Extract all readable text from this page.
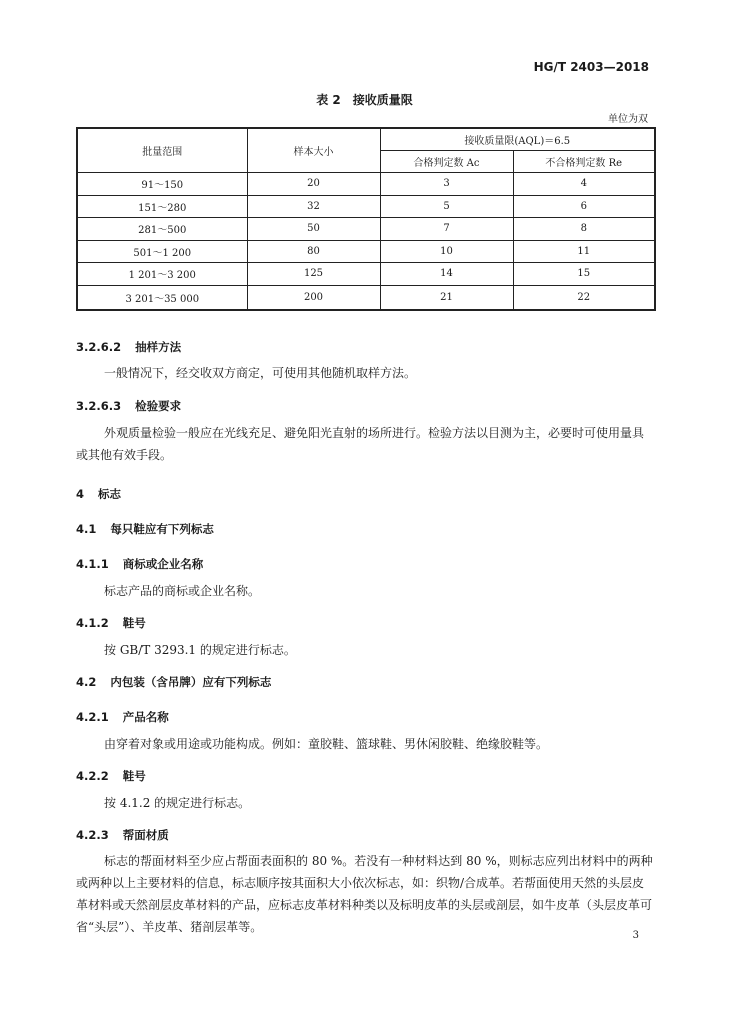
HG/T 2403—2018
表 2　接收质量限
单位为双
批量范围	样本大小	接收质量限(AQL)＝6.5	
		合格判定数 Ac	不合格判定数 Re
91～150	20	3	4
151～280	32	5	6
281～500	50	7	8
501～1 200	80	10	11
1 201～3 200	125	14	15
3 201～35 000	200	21	22
3.2.6.2 抽样方法
一般情况下，经交收双方商定，可使用其他随机取样方法。
3.2.6.3 检验要求
外观质量检验一般应在光线充足、避免阳光直射的场所进行。检验方法以目测为主，必要时可使用量具或其他有效手段。
4 标志
4.1 每只鞋应有下列标志
4.1.1 商标或企业名称
标志产品的商标或企业名称。
4.1.2 鞋号
按 GB/T 3293.1 的规定进行标志。
4.2 内包装（含吊牌）应有下列标志
4.2.1 产品名称
由穿着对象或用途或功能构成。例如：童胶鞋、篮球鞋、男休闲胶鞋、绝缘胶鞋等。
4.2.2 鞋号
按 4.1.2 的规定进行标志。
4.2.3 帮面材质
标志的帮面材料至少应占帮面表面积的 80 %。若没有一种材料达到 80 %，则标志应列出材料中的两种或两种以上主要材料的信息，标志顺序按其面积大小依次标志，如：织物/合成革。若帮面使用天然的头层皮革材料或天然剖层皮革材料的产品，应标志皮革材料种类以及标明皮革的头层或剖层，如牛皮革（头层皮革可省“头层”）、羊皮革、猪剖层革等。
3
